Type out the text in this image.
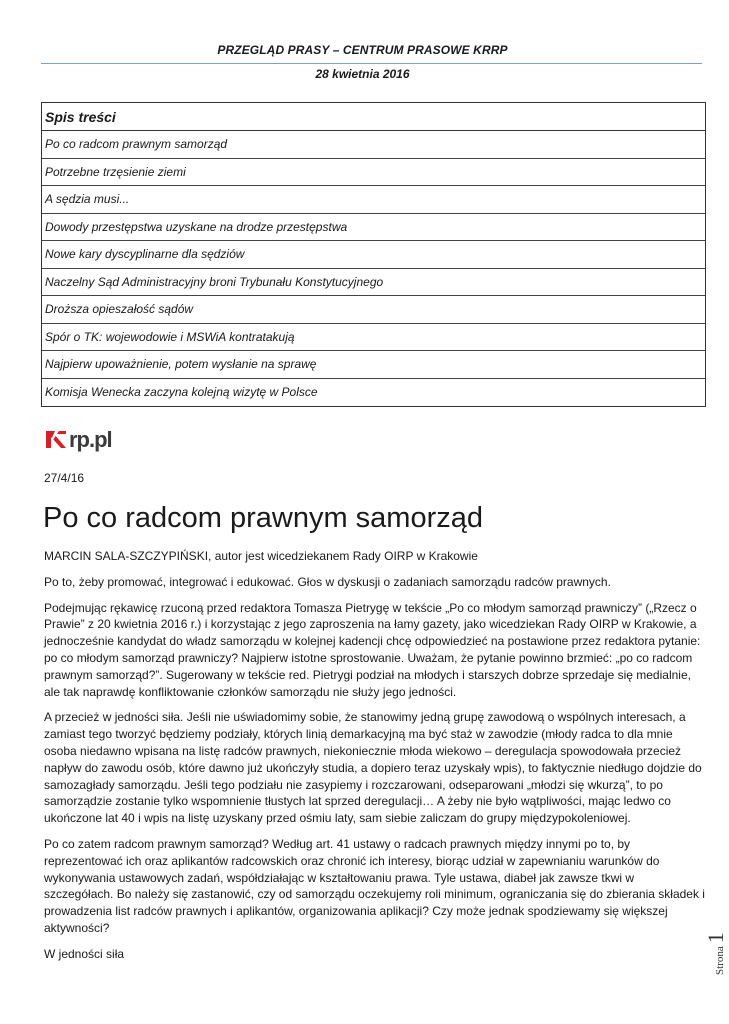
PRZEGLĄD PRASY – CENTRUM PRASOWE KRRP
28 kwietnia 2016
Spis treści
Po co radcom prawnym samorząd
Potrzebne trzęsienie ziemi
A sędzia musi...
Dowody przestępstwa uzyskane na drodze przestępstwa
Nowe kary dyscyplinarne dla sędziów
Naczelny Sąd Administracyjny broni Trybunału Konstytucyjnego
Droższa opieszałość sądów
Spór o TK: wojewodowie i MSWiA kontratakują
Najpierw upoważnienie, potem wysłanie na sprawę
Komisja Wenecka zaczyna kolejną wizytę w Polsce
rp.pl
27/4/16
Po co radcom prawnym samorząd

MARCIN SALA-SZCZYPIŃSKI, autor jest wicedziekanem Rady OIRP w Krakowie

Po to, żeby promować, integrować i edukować. Głos w dyskusji o zadaniach samorządu radców prawnych.

Podejmując rękawicę rzuconą przed redaktora Tomasza Pietrygę w tekście „Po co młodym samorząd prawniczy” („Rzecz o Prawie” z 20 kwietnia 2016 r.) i korzystając z jego zaproszenia na łamy gazety, jako wicedziekan Rady OIRP w Krakowie, a jednocześnie kandydat do władz samorządu w kolejnej kadencji chcę odpowiedzieć na postawione przez redaktora pytanie: po co młodym samorząd prawniczy? Najpierw istotne sprostowanie. Uważam, że pytanie powinno brzmieć: „po co radcom prawnym samorząd?”. Sugerowany w tekście red. Pietrygi podział na młodych i starszych dobrze sprzedaje się medialnie, ale tak naprawdę konfliktowanie członków samorządu nie służy jego jedności.

A przecież w jedności siła. Jeśli nie uświadomimy sobie, że stanowimy jedną grupę zawodową o wspólnych interesach, a zamiast tego tworzyć będziemy podziały, których linią demarkacyjną ma być staż w zawodzie (młody radca to dla mnie osoba niedawno wpisana na listę radców prawnych, niekoniecznie młoda wiekowo – deregulacja spowodowała przecież napływ do zawodu osób, które dawno już ukończyły studia, a dopiero teraz uzyskały wpis), to faktycznie niedługo dojdzie do samozagłady samorządu. Jeśli tego podziału nie zasypiemy i rozczarowani, odseparowani „młodzi się wkurzą”, to po samorządzie zostanie tylko wspomnienie tłustych lat sprzed deregulacji… A żeby nie było wątpliwości, mając ledwo co ukończone lat 40 i wpis na listę uzyskany przed ośmiu laty, sam siebie zaliczam do grupy międzypokoleniowej.

Po co zatem radcom prawnym samorząd? Według art. 41 ustawy o radcach prawnych między innymi po to, by reprezentować ich oraz aplikantów radcowskich oraz chronić ich interesy, biorąc udział w zapewnianiu warunków do wykonywania ustawowych zadań, współdziałając w kształtowaniu prawa. Tyle ustawa, diabeł jak zawsze tkwi w szczegółach. Bo należy się zastanowić, czy od samorządu oczekujemy roli minimum, ograniczania się do zbierania składek i prowadzenia list radców prawnych i aplikantów, organizowania aplikacji? Czy może jednak spodziewamy się większej aktywności?

W jedności siła	Strona1
